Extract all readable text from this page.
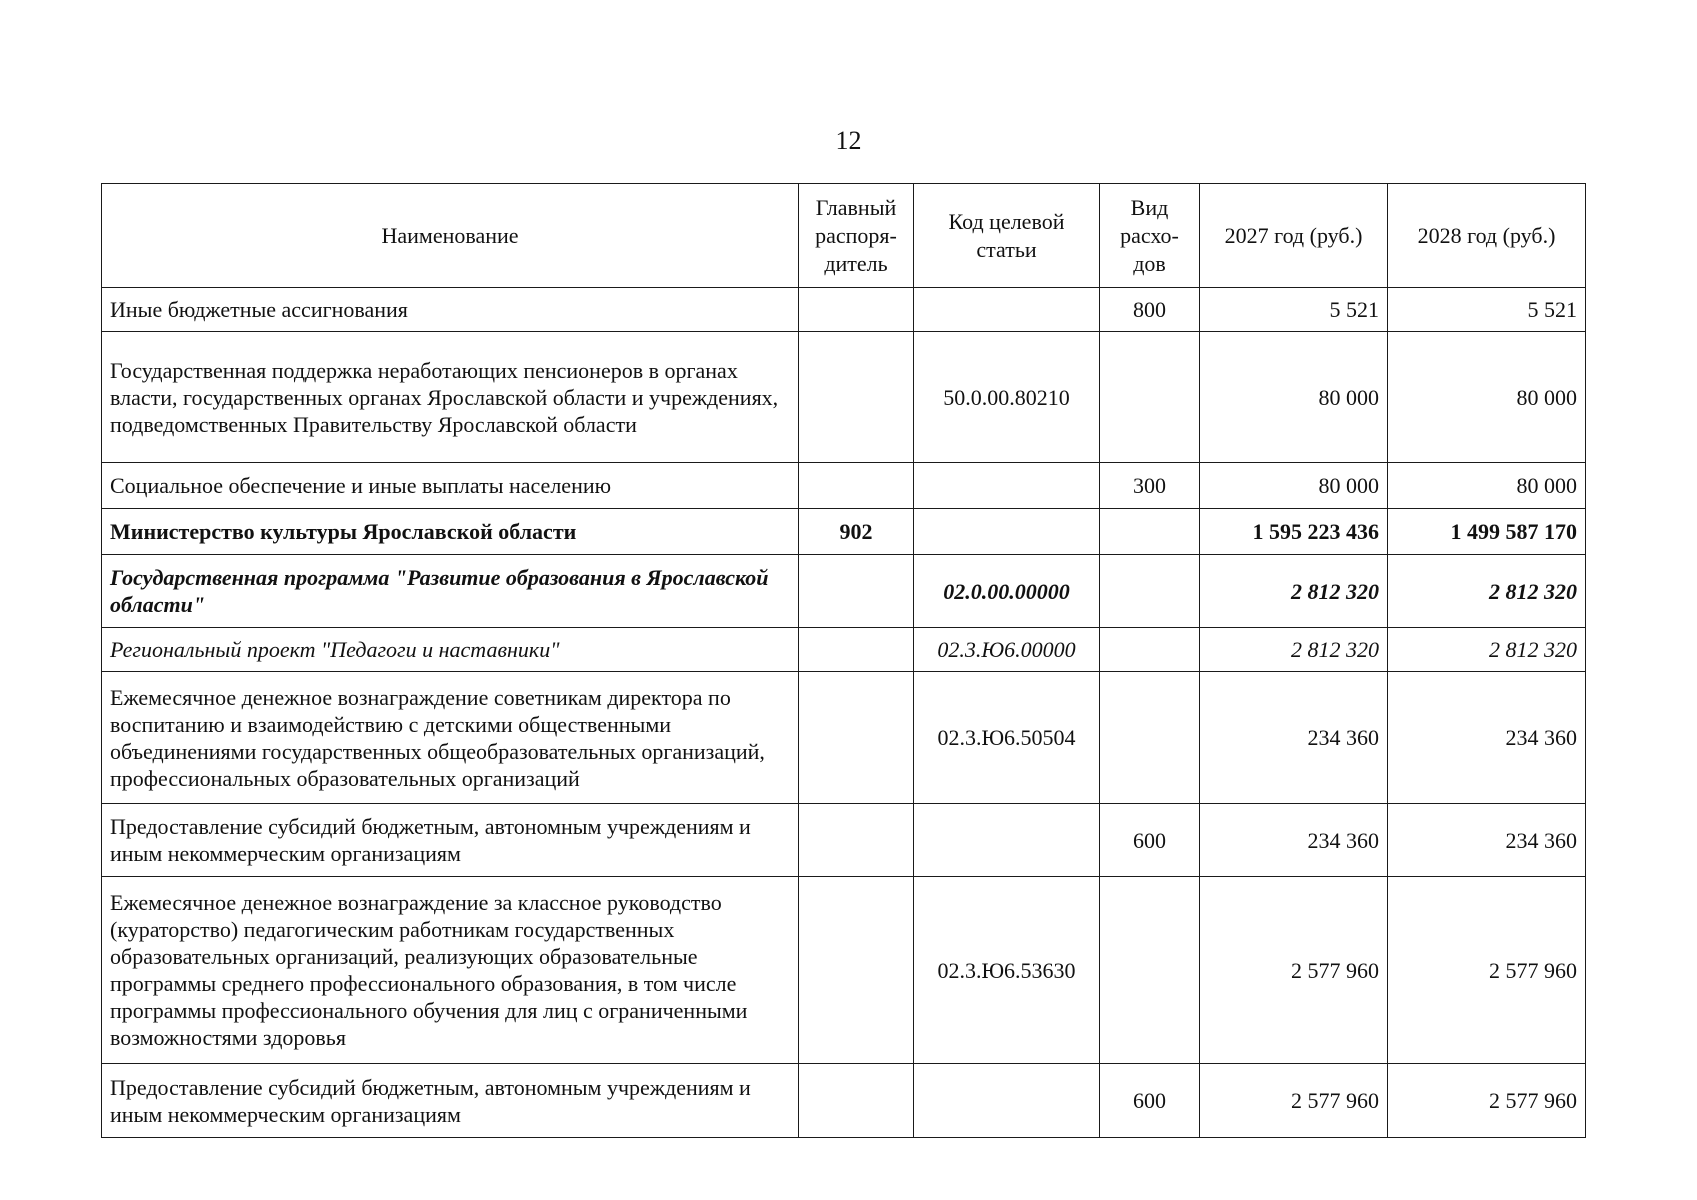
12
Наименование	Главный распоря-дитель	Код целевой статьи	Вид расхо-дов	2027 год (руб.)	2028 год (руб.)
Иные бюджетные ассигнования			800	5 521	5 521
Государственная поддержка неработающих пенсионеров в органах власти, государственных органах Ярославской области и учреждениях, подведомственных Правительству Ярославской области		50.0.00.80210		80 000	80 000
Социальное обеспечение и иные выплаты населению			300	80 000	80 000
Министерство культуры Ярославской области	902			1 595 223 436	1 499 587 170
Государственная программа "Развитие образования в Ярославской области"		02.0.00.00000		2 812 320	2 812 320
Региональный проект "Педагоги и наставники"		02.3.Ю6.00000		2 812 320	2 812 320
Ежемесячное денежное вознаграждение советникам директора по воспитанию и взаимодействию с детскими общественными объединениями государственных общеобразовательных организаций, профессиональных образовательных организаций		02.3.Ю6.50504		234 360	234 360
Предоставление субсидий бюджетным, автономным учреждениям и иным некоммерческим организациям			600	234 360	234 360
Ежемесячное денежное вознаграждение за классное руководство (кураторство) педагогическим работникам государственных образовательных организаций, реализующих образовательные программы среднего профессионального образования, в том числе программы профессионального обучения для лиц с ограниченными возможностями здоровья		02.3.Ю6.53630		2 577 960	2 577 960
Предоставление субсидий бюджетным, автономным учреждениям и иным некоммерческим организациям			600	2 577 960	2 577 960
